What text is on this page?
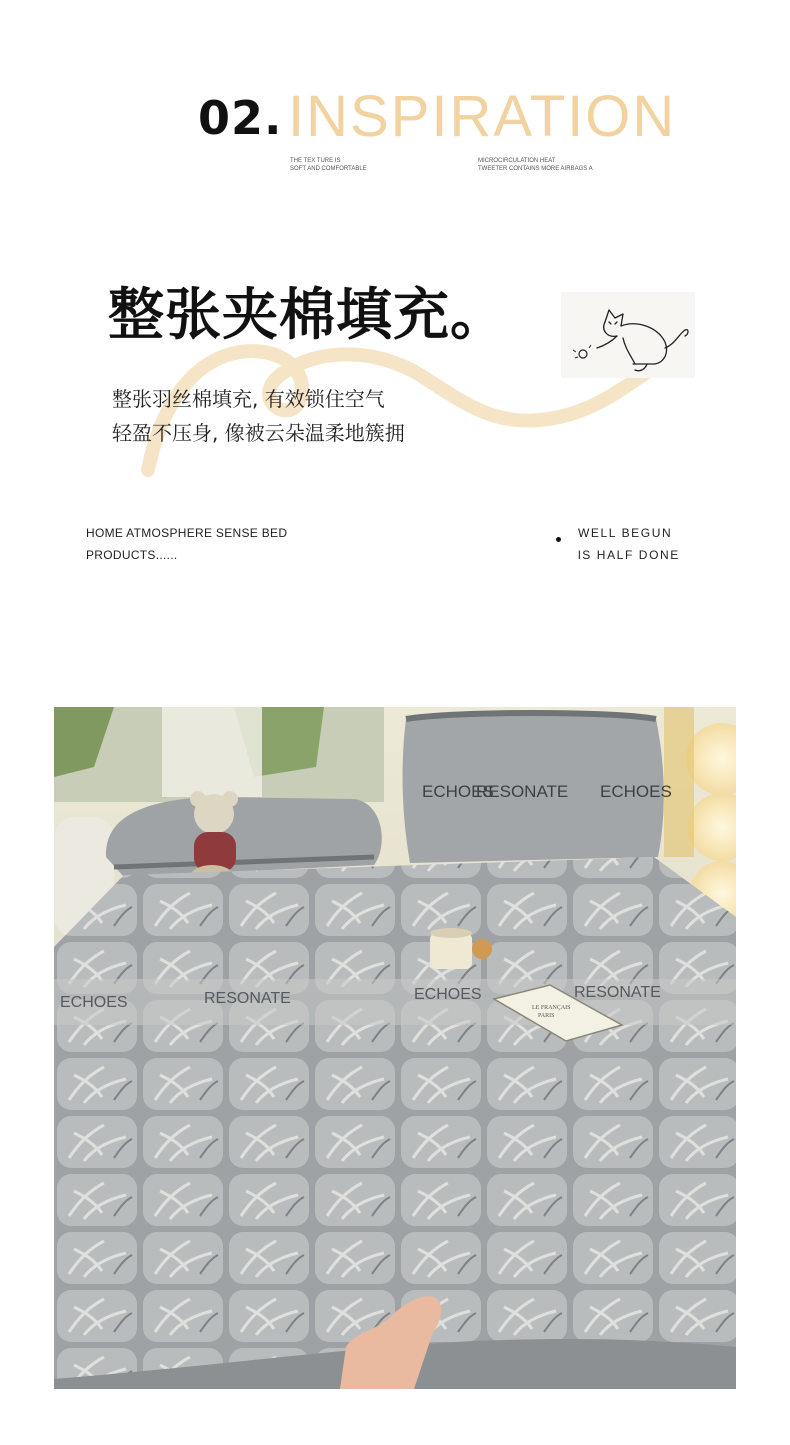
02. INSPIRATION
THE TEX TURE IS
SOFT AND COMFORTABLE
MICROCIRCULATION HEAT
TWEETER CONTAINS MORE AIRBAGS A
整张夹棉填充。
整张羽丝棉填充, 有效锁住空气
轻盈不压身, 像被云朵温柔地簇拥
HOME ATMOSPHERE SENSE BED
PRODUCTS......
WELL BEGUN
lS HALF DONE
ECHOES
RESONATE ECHOES
ECHOES	RESONATE	ECHOES	RESONATE
LE FRANÇAIS
PARIS
